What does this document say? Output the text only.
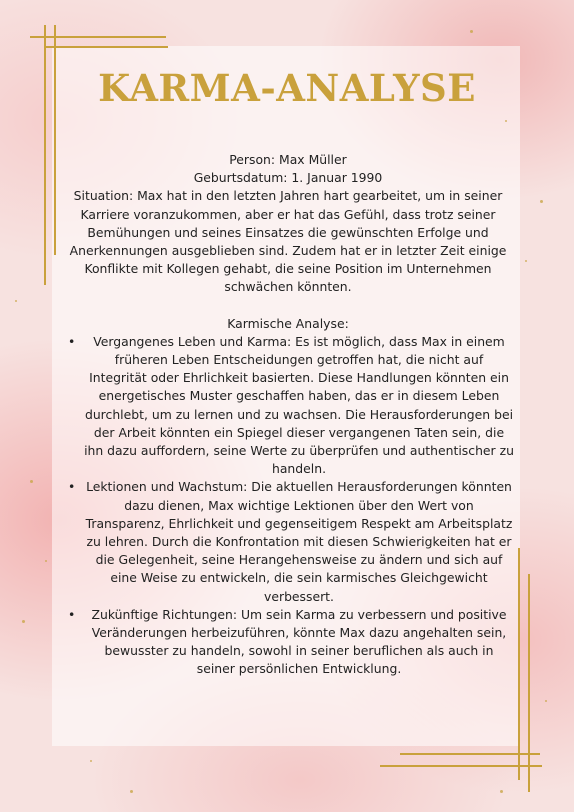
KARMA-ANALYSE

Person: Max Müller

Geburtsdatum: 1. Januar 1990

Situation: Max hat in den letzten Jahren hart gearbeitet, um in seiner Karriere voranzukommen, aber er hat das Gefühl, dass trotz seiner Bemühungen und seines Einsatzes die gewünschten Erfolge und Anerkennungen ausgeblieben sind. Zudem hat er in letzter Zeit einige Konflikte mit Kollegen gehabt, die seine Position im Unternehmen schwächen könnten.

Karmische Analyse:

• Vergangenes Leben und Karma: Es ist möglich, dass Max in einem früheren Leben Entscheidungen getroffen hat, die nicht auf Integrität oder Ehrlichkeit basierten. Diese Handlungen könnten ein energetisches Muster geschaffen haben, das er in diesem Leben durchlebt, um zu lernen und zu wachsen. Die Herausforderungen bei der Arbeit könnten ein Spiegel dieser vergangenen Taten sein, die ihn dazu auffordern, seine Werte zu überprüfen und authentischer zu handeln.
• Lektionen und Wachstum: Die aktuellen Herausforderungen könnten dazu dienen, Max wichtige Lektionen über den Wert von Transparenz, Ehrlichkeit und gegenseitigem Respekt am Arbeitsplatz zu lehren. Durch die Konfrontation mit diesen Schwierigkeiten hat er die Gelegenheit, seine Herangehensweise zu ändern und sich auf eine Weise zu entwickeln, die sein karmisches Gleichgewicht verbessert.
• Zukünftige Richtungen: Um sein Karma zu verbessern und positive Veränderungen herbeizuführen, könnte Max dazu angehalten sein, bewusster zu handeln, sowohl in seiner beruflichen als auch in seiner persönlichen Entwicklung.
